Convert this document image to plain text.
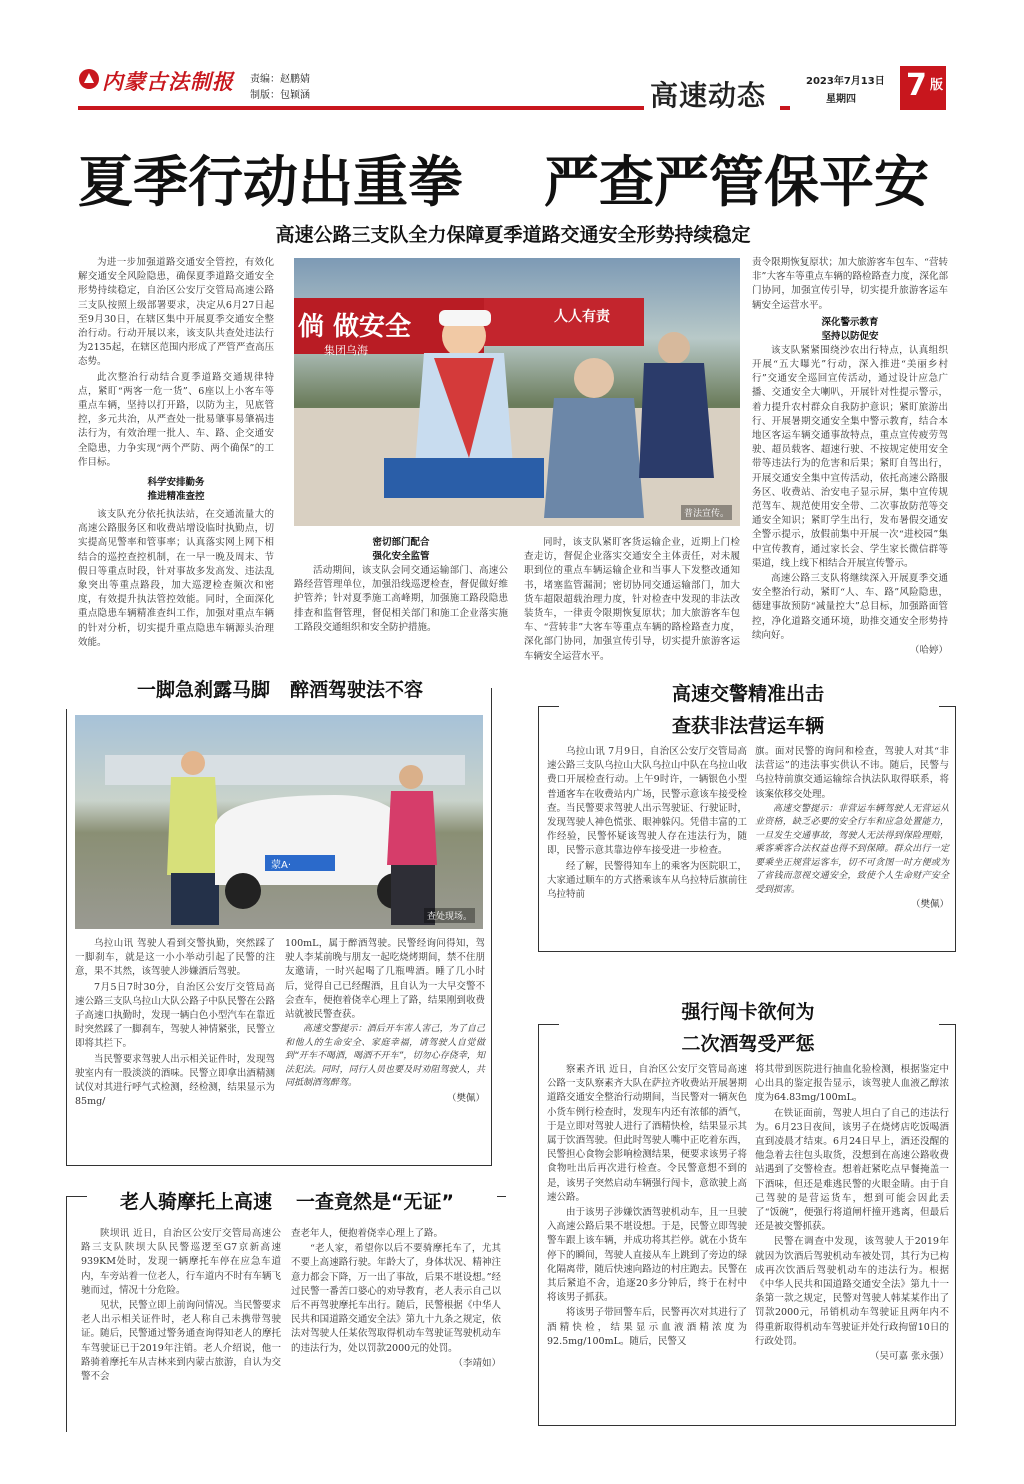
内蒙古法制报 责编：赵鹏婧
制版：包颖涵	高速动态	2023年7月13日
星期四 7 版
夏季行动出重拳 严查严管保平安
高速公路三支队全力保障夏季道路交通安全形势持续稳定

为进一步加强道路交通安全管控，有效化解交通安全风险隐患，确保夏季道路交通安全形势持续稳定，自治区公安厅交管局高速公路三支队按照上级部署要求，决定从6月27日起至9月30日，在辖区集中开展夏季交通安全整治行动。行动开展以来，该支队共查处违法行为2135起，在辖区范围内形成了严管严查高压态势。

此次整治行动结合夏季道路交通规律特点，紧盯“两客一危一货”、6座以上小客车等重点车辆，坚持以打开路，以防为主，见底管控，多元共治，从严查处一批易肇事易肇祸违法行为，有效治理一批人、车、路、企交通安全隐患，力争实现“两个严防、两个确保”的工作目标。

科学安排勤务
推进精准查控

该支队充分依托执法站，在交通流量大的高速公路服务区和收费站增设临时执勤点，切实提高见警率和管事率；认真落实网上网下相结合的巡控查控机制，在一早一晚及周末、节假日等重点时段，针对事故多发高发、违法乱象突出等重点路段，加大巡逻检查频次和密度，有效提升执法管控效能。同时，全面深化重点隐患车辆精准查纠工作，加强对重点车辆的针对分析，切实提升重点隐患车辆源头治理效能。

倘 做安全	人人有责
集团乌海
普法宣传。
密切部门配合
强化安全监管

活动期间，该支队会同交通运输部门、高速公路经营管理单位，加强沿线巡逻检查，督促做好维护管养；针对夏季施工高峰期，加强施工路段隐患排查和监督管理，督促相关部门和施工企业落实施工路段交通组织和安全防护措施。

同时，该支队紧盯客货运输企业，近期上门检查走访，督促企业落实交通安全主体责任，对未履职到位的重点车辆运输企业和当事人下发整改通知书，堵塞监管漏洞；密切协同交通运输部门，加大货车超限超载治理力度，针对检查中发现的非法改装货车，一律责令限期恢复原状；加大旅游客车包车、“营转非”大客车等重点车辆的路检路查力度，深化部门协同，加强宣传引导，切实提升旅游客运车辆安全运营水平。

责令限期恢复原状；加大旅游客车包车、“营转非”大客车等重点车辆的路检路查力度，深化部门协同，加强宣传引导，切实提升旅游客运车辆安全运营水平。

深化警示教育
坚持以防促安

该支队紧紧围绕沙农出行特点，认真组织开展“五大曝光”行动，深入推进“美丽乡村行”交通安全巡回宣传活动，通过设计应急广播、交通安全大喇叭，开展针对性提示警示，着力提升农村群众自我防护意识；紧盯旅游出行、开展暑期交通安全集中警示教育，结合本地区客运车辆交通事故特点，重点宣传疲劳驾驶、超员载客、超速行驶、不按规定使用安全带等违法行为的危害和后果；紧盯自驾出行，开展交通安全集中宣传活动，依托高速公路服务区、收费站、治安电子显示屏，集中宣传规范驾车、规范使用安全带、二次事故防范等交通安全知识；紧盯学生出行，发布暑假交通安全警示提示，放假前集中开展一次“进校园”集中宣传教育，通过家长会、学生家长微信群等渠道，线上线下相结合开展宣传警示。

高速公路三支队将继续深入开展夏季交通安全整治行动，紧盯“人、车、路”风险隐患，德建事故预防“减量控大”总目标，加强路面管控，净化道路交通环境，助推交通安全形势持续向好。

（哈婷）
一脚急刹露马脚 醉酒驾驶法不容
蒙A·
查处现场。

乌拉山讯 驾驶人看到交警执勤，突然踩了一脚刹车，就是这一小小举动引起了民警的注意，果不其然，该驾驶人涉嫌酒后驾驶。

7月5日7时30分，自治区公安厅交管局高速公路三支队乌拉山大队公路子中队民警在公路子高速口执勤时，发现一辆白色小型汽车在靠近时突然踩了一脚刹车，驾驶人神情紧张，民警立即将其拦下。

当民警要求驾驶人出示相关证件时，发现驾驶室内有一股淡淡的酒味。民警立即拿出酒精测试仪对其进行呼气式检测，经检测，结果显示为85mg/

100mL，属于醉酒驾驶。民警经询问得知，驾驶人李某前晚与朋友一起吃烧烤期间，禁不住朋友邀请，一时兴起喝了几瓶啤酒。睡了几小时后，觉得自己已经醒酒，且自认为一大早交警不会查车，便抱着侥幸心理上了路，结果刚到收费站就被民警查获。

高速交警提示：酒后开车害人害己，为了自己和他人的生命安全、家庭幸福，请驾驶人自觉做到“开车不喝酒，喝酒不开车”，切勿心存侥幸，知法犯法。同时，同行人员也要及时劝阻驾驶人，共同抵制酒驾醉驾。

（樊佩）
高速交警精准出击
查获非法营运车辆

乌拉山讯 7月9日，自治区公安厅交管局高速公路三支队乌拉山大队乌拉山中队在乌拉山收费口开展检查行动。上午9时许，一辆银色小型普通客车在收费站内广场，民警示意该车接受检查。当民警要求驾驶人出示驾驶证、行驶证时，发现驾驶人神色慌张、眼神躲闪。凭借丰富的工作经验，民警怀疑该驾驶人存在违法行为，随即，民警示意其靠边停车接受进一步检查。

经了解，民警得知车上的乘客为医院职工，大家通过顺车的方式搭乘该车从乌拉特后旗前往乌拉特前

旗。面对民警的询问和检查，驾驶人对其“非法营运”的违法事实供认不讳。随后，民警与乌拉特前旗交通运输综合执法队取得联系，将该案依移交处理。

高速交警提示：非营运车辆驾驶人无营运从业资格，缺乏必要的安全行车和应急处置能力，一旦发生交通事故，驾驶人无法得到保险理赔，乘客乘客合法权益也得不到保障。群众出行一定要乘坐正规营运客车，切不可贪图一时方便或为了省钱而忽视交通安全，致使个人生命财产安全受到损害。

（樊佩）
强行闯卡欲何为
二次酒驾受严惩

察素齐讯 近日，自治区公安厅交管局高速公路一支队察素齐大队在萨拉齐收费站开展暑期道路交通安全整治行动期间，当民警对一辆灰色小货车例行检查时，发现车内还有浓郁的酒气，于是立即对驾驶人进行了酒精快检，结果显示其属于饮酒驾驶。但此时驾驶人嘴中正吃着东西，民警担心食物会影响检测结果，便要求该男子将食物吐出后再次进行检查。令民警意想不到的是，该男子突然启动车辆强行闯卡，意欲驶上高速公路。

由于该男子涉嫌饮酒驾驶机动车，且一旦驶入高速公路后果不堪设想。于是，民警立即驾驶警车跟上该车辆，并成功将其拦停。就在小货车停下的瞬间，驾驶人直接从车上跳到了旁边的绿化隔离带，随后快速向路边的村庄跑去。民警在其后紧追不舍，追逐20多分钟后，终于在村中将该男子抓获。

将该男子带回警车后，民警再次对其进行了酒精快检，结果显示血液酒精浓度为92.5mg/100mL。随后，民警又

将其带到医院进行抽血化验检测，根据鉴定中心出具的鉴定报告显示，该驾驶人血液乙醇浓度为64.83mg/100mL。

在铁证面前，驾驶人坦白了自己的违法行为。6月23日夜间，该男子在烧烤店吃饭喝酒直到凌晨才结束。6月24日早上，酒还没醒的他急着去往包头取货，没想到在高速公路收费站遇到了交警检查。想着赶紧吃点早餐掩盖一下酒味，但还是难逃民警的火眼金睛。由于自己驾驶的是营运货车，想到可能会因此丢了“饭碗”，便强行将道闸杆撞开逃离，但最后还是被交警抓获。

民警在调查中发现，该驾驶人于2019年就因为饮酒后驾驶机动车被处罚，其行为已构成再次饮酒后驾驶机动车的违法行为。根据《中华人民共和国道路交通安全法》第九十一条第一款之规定，民警对驾驶人韩某某作出了罚款2000元，吊销机动车驾驶证且两年内不得重新取得机动车驾驶证并处行政拘留10日的行政处罚。

（吴可嘉 张永强）
老人骑摩托上高速 一查竟然是“无证”

陕坝讯 近日，自治区公安厅交管局高速公路三支队陕坝大队民警巡逻至G7京新高速939KM处时，发现一辆摩托车停在应急车道内，车旁站着一位老人，行车道内不时有车辆飞驰而过，情况十分危险。

见状，民警立即上前询问情况。当民警要求老人出示相关证件时，老人称自己未携带驾驶证。随后，民警通过警务通查询得知老人的摩托车驾驶证已于2019年注销。老人介绍说，他一路骑着摩托车从吉林来到内蒙古旅游，自认为交警不会

查老年人，便抱着侥幸心理上了路。

“老人家，希望你以后不要骑摩托车了，尤其不要上高速路行驶。年龄大了，身体状况、精神注意力都会下降，万一出了事故，后果不堪设想。”经过民警一番苦口婆心的劝导教育，老人表示自己以后不再驾驶摩托车出行。随后，民警根据《中华人民共和国道路交通安全法》第九十九条之规定，依法对驾驶人任某依驾取得机动车驾驶证驾驶机动车的违法行为，处以罚款2000元的处罚。

（李靖如）
